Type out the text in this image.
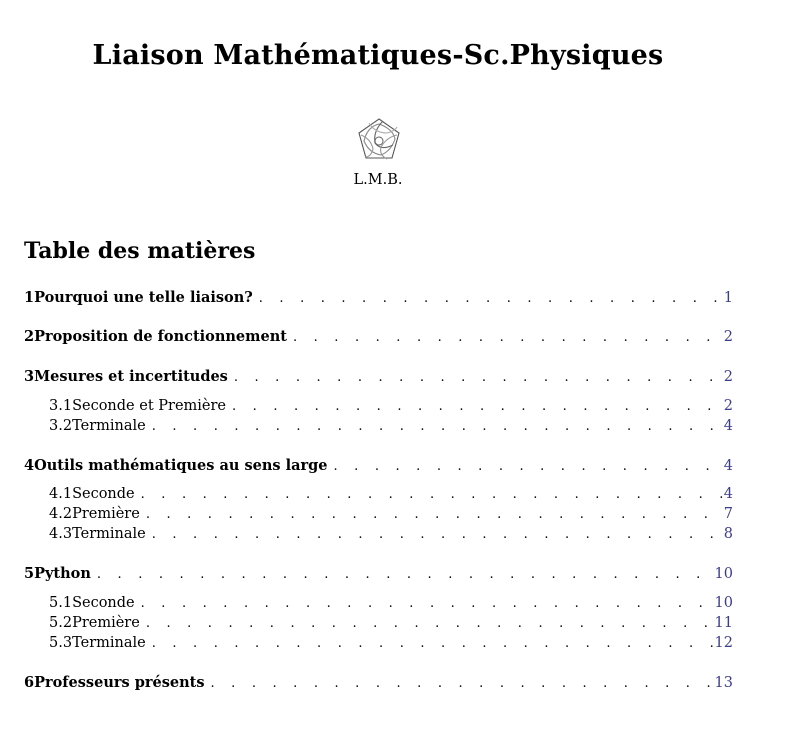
Liaison Mathématiques-Sc.Physiques
L.M.B.
Table des matières
1 Pourquoi une telle liaison? . . .	1
2 Proposition de fonctionnement . . .	2
3 Mesures et incertitudes . . .	2
3.1 Seconde et Première . . .	2
3.2 Terminale . . .	4
4 Outils mathématiques au sens large . . .	4
4.1 Seconde . . .	4
4.2 Première . . .	7
4.3 Terminale . . .	8
5 Python . . .	10
5.1 Seconde . . .	10
5.2 Première . . .	11
5.3 Terminale . . .	12
6 Professeurs présents . . .	13
